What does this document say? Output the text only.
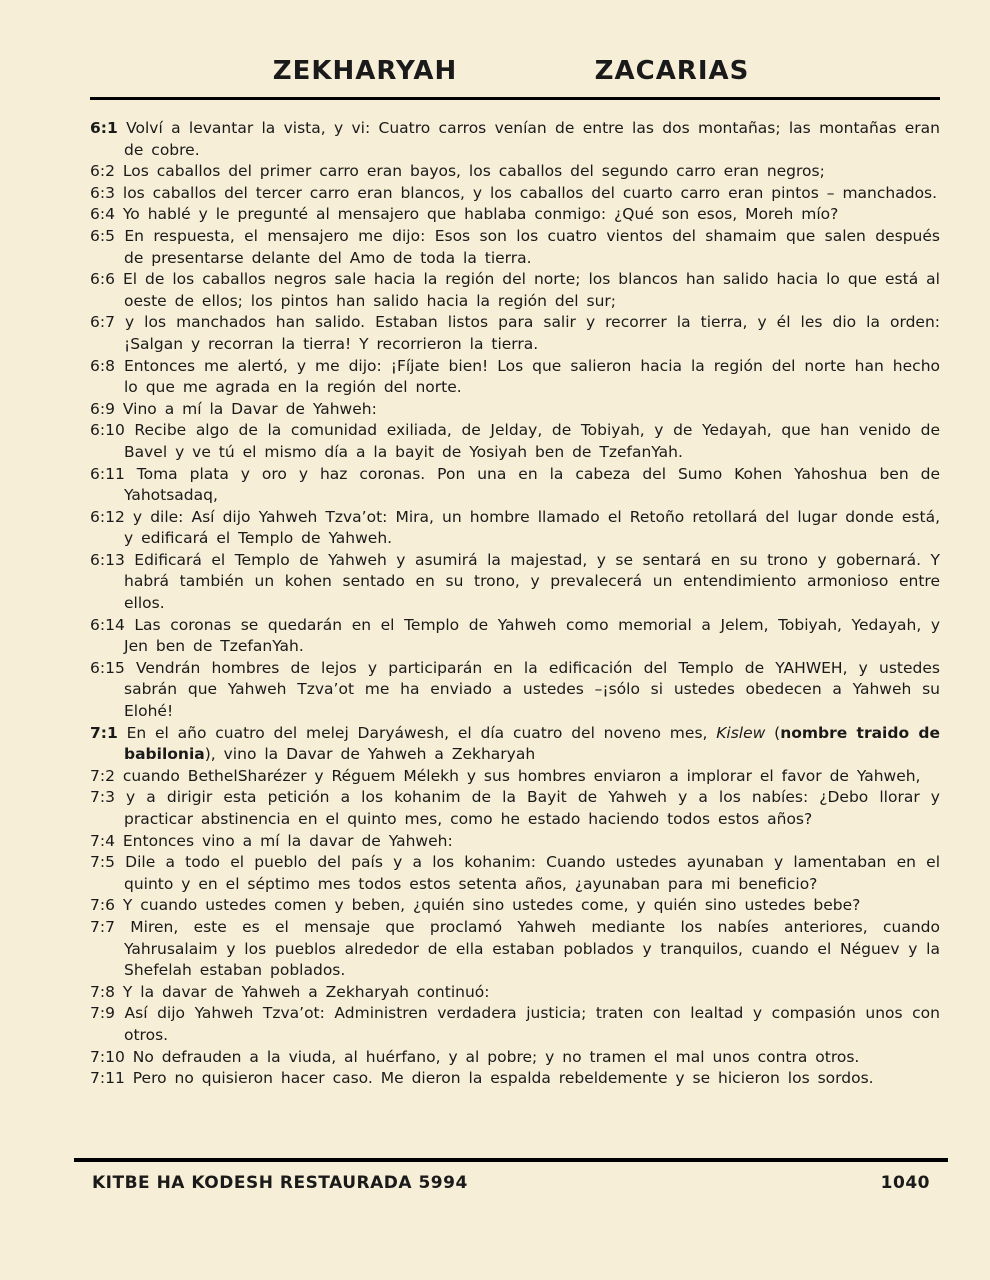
ZEKHARYAH	ZACARIAS

6:1 Volví a levantar la vista, y vi: Cuatro carros venían de entre las dos montañas; las montañas eran de cobre.

6:2 Los caballos del primer carro eran bayos, los caballos del segundo carro eran negros;

6:3 los caballos del tercer carro eran blancos, y los caballos del cuarto carro eran pintos – manchados.

6:4 Yo hablé y le pregunté al mensajero que hablaba conmigo: ¿Qué son esos, Moreh mío?

6:5 En respuesta, el mensajero me dijo: Esos son los cuatro vientos del shamaim que salen después de presentarse delante del Amo de toda la tierra.

6:6 El de los caballos negros sale hacia la región del norte; los blancos han salido hacia lo que está al oeste de ellos; los pintos han salido hacia la región del sur;

6:7 y los manchados han salido. Estaban listos para salir y recorrer la tierra, y él les dio la orden: ¡Salgan y recorran la tierra! Y recorrieron la tierra.

6:8 Entonces me alertó, y me dijo: ¡Fíjate bien! Los que salieron hacia la región del norte han hecho lo que me agrada en la región del norte.

6:9 Vino a mí la Davar de Yahweh:

6:10 Recibe algo de la comunidad exiliada, de Jelday, de Tobiyah, y de Yedayah, que han venido de Bavel y ve tú el mismo día a la bayit de Yosiyah ben de TzefanYah.

6:11 Toma plata y oro y haz coronas. Pon una en la cabeza del Sumo Kohen Yahoshua ben de Yahotsadaq,

6:12 y dile: Así dijo Yahweh Tzva’ot: Mira, un hombre llamado el Retoño retollará del lugar donde está, y edificará el Templo de Yahweh.

6:13 Edificará el Templo de Yahweh y asumirá la majestad, y se sentará en su trono y gobernará. Y habrá también un kohen sentado en su trono, y prevalecerá un entendimiento armonioso entre ellos.

6:14 Las coronas se quedarán en el Templo de Yahweh como memorial a Jelem, Tobiyah, Yedayah, y Jen ben de TzefanYah.

6:15 Vendrán hombres de lejos y participarán en la edificación del Templo de YAHWEH, y ustedes sabrán que Yahweh Tzva’ot me ha enviado a ustedes –¡sólo si ustedes obedecen a Yahweh su Elohé!

7:1 En el año cuatro del melej Daryáwesh, el día cuatro del noveno mes, Kislew (nombre traido de babilonia), vino la Davar de Yahweh a Zekharyah

7:2 cuando BethelSharézer y Réguem Mélekh y sus hombres enviaron a implorar el favor de Yahweh,

7:3 y a dirigir esta petición a los kohanim de la Bayit de Yahweh y a los nabíes: ¿Debo llorar y practicar abstinencia en el quinto mes, como he estado haciendo todos estos años?

7:4 Entonces vino a mí la davar de Yahweh:

7:5 Dile a todo el pueblo del país y a los kohanim: Cuando ustedes ayunaban y lamentaban en el quinto y en el séptimo mes todos estos setenta años, ¿ayunaban para mi beneficio?

7:6 Y cuando ustedes comen y beben, ¿quién sino ustedes come, y quién sino ustedes bebe?

7:7 Miren, este es el mensaje que proclamó Yahweh mediante los nabíes anteriores, cuando Yahrusalaim y los pueblos alrededor de ella estaban poblados y tranquilos, cuando el Néguev y la Shefelah estaban poblados.

7:8 Y la davar de Yahweh a Zekharyah continuó:

7:9 Así dijo Yahweh Tzva’ot: Administren verdadera justicia; traten con lealtad y compasión unos con otros.

7:10 No defrauden a la viuda, al huérfano, y al pobre; y no tramen el mal unos contra otros.

7:11 Pero no quisieron hacer caso. Me dieron la espalda rebeldemente y se hicieron los sordos.

KITBE HA KODESH RESTAURADA 5994	1040
